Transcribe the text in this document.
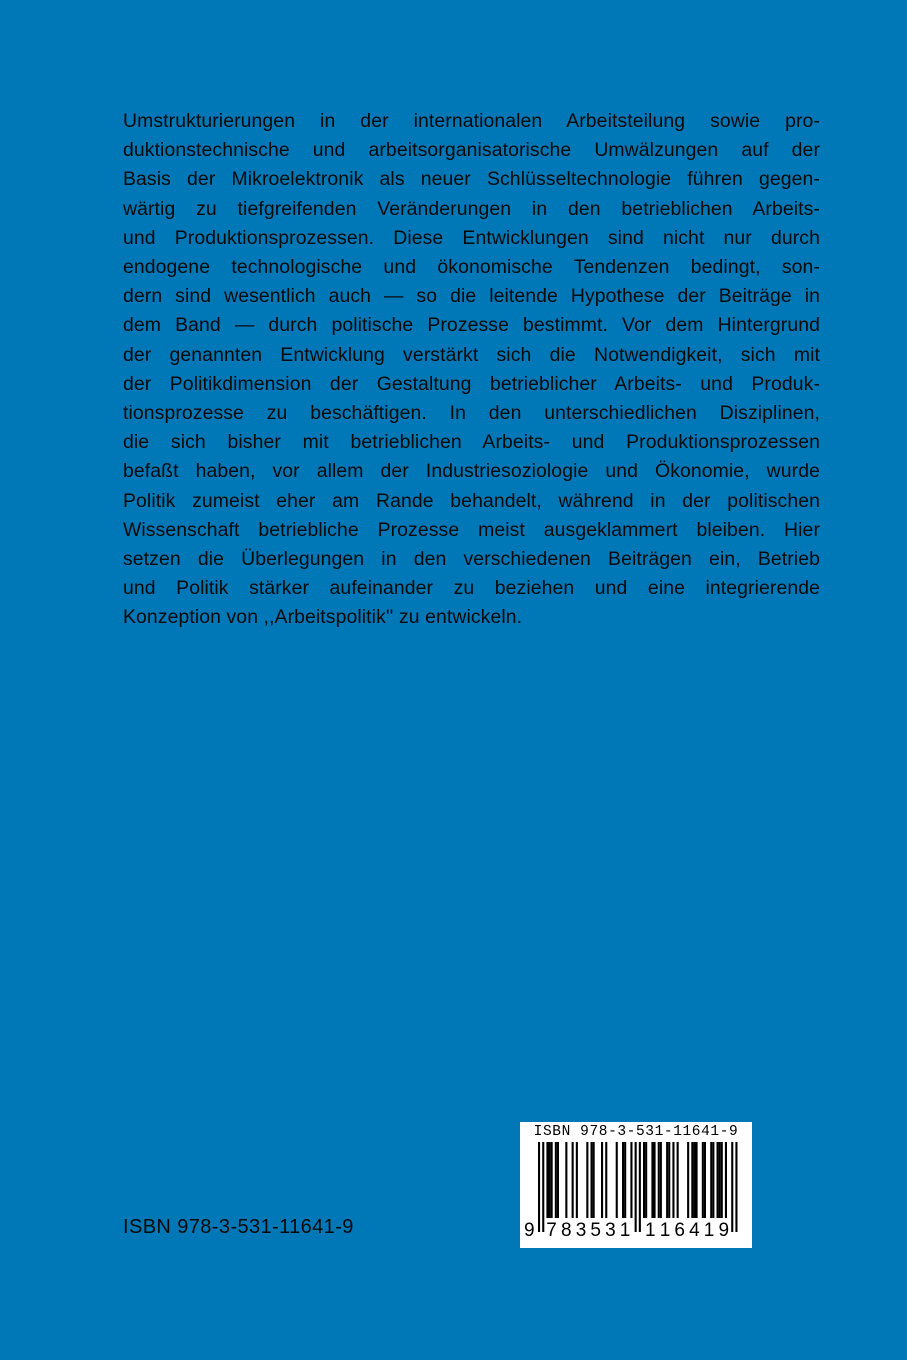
Umstrukturierungen in der internationalen Arbeitsteilung sowie pro-
duktionstechnische und arbeitsorganisatorische Umwälzungen auf der
Basis der Mikroelektronik als neuer Schlüsseltechnologie führen gegen-
wärtig zu tiefgreifenden Veränderungen in den betrieblichen Arbeits-
und Produktionsprozessen. Diese Entwicklungen sind nicht nur durch
endogene technologische und ökonomische Tendenzen bedingt, son-
dern sind wesentlich auch — so die leitende Hypothese der Beiträge in
dem Band — durch politische Prozesse bestimmt. Vor dem Hintergrund
der genannten Entwicklung verstärkt sich die Notwendigkeit, sich mit
der Politikdimension der Gestaltung betrieblicher Arbeits- und Produk-
tionsprozesse zu beschäftigen. In den unterschiedlichen Disziplinen,
die sich bisher mit betrieblichen Arbeits- und Produktionsprozessen
befaßt haben, vor allem der Industriesoziologie und Ökonomie, wurde
Politik zumeist eher am Rande behandelt, während in der politischen
Wissenschaft betriebliche Prozesse meist ausgeklammert bleiben. Hier
setzen die Überlegungen in den verschiedenen Beiträgen ein, Betrieb
und Politik stärker aufeinander zu beziehen und eine integrierende
Konzeption von ,,Arbeitspolitik'' zu entwickeln.
ISBN 978-3-531-11641-9
ISBN 978-3-531-11641-9
9 7 8 3 5 3 1 1 1 6 4 1 9
